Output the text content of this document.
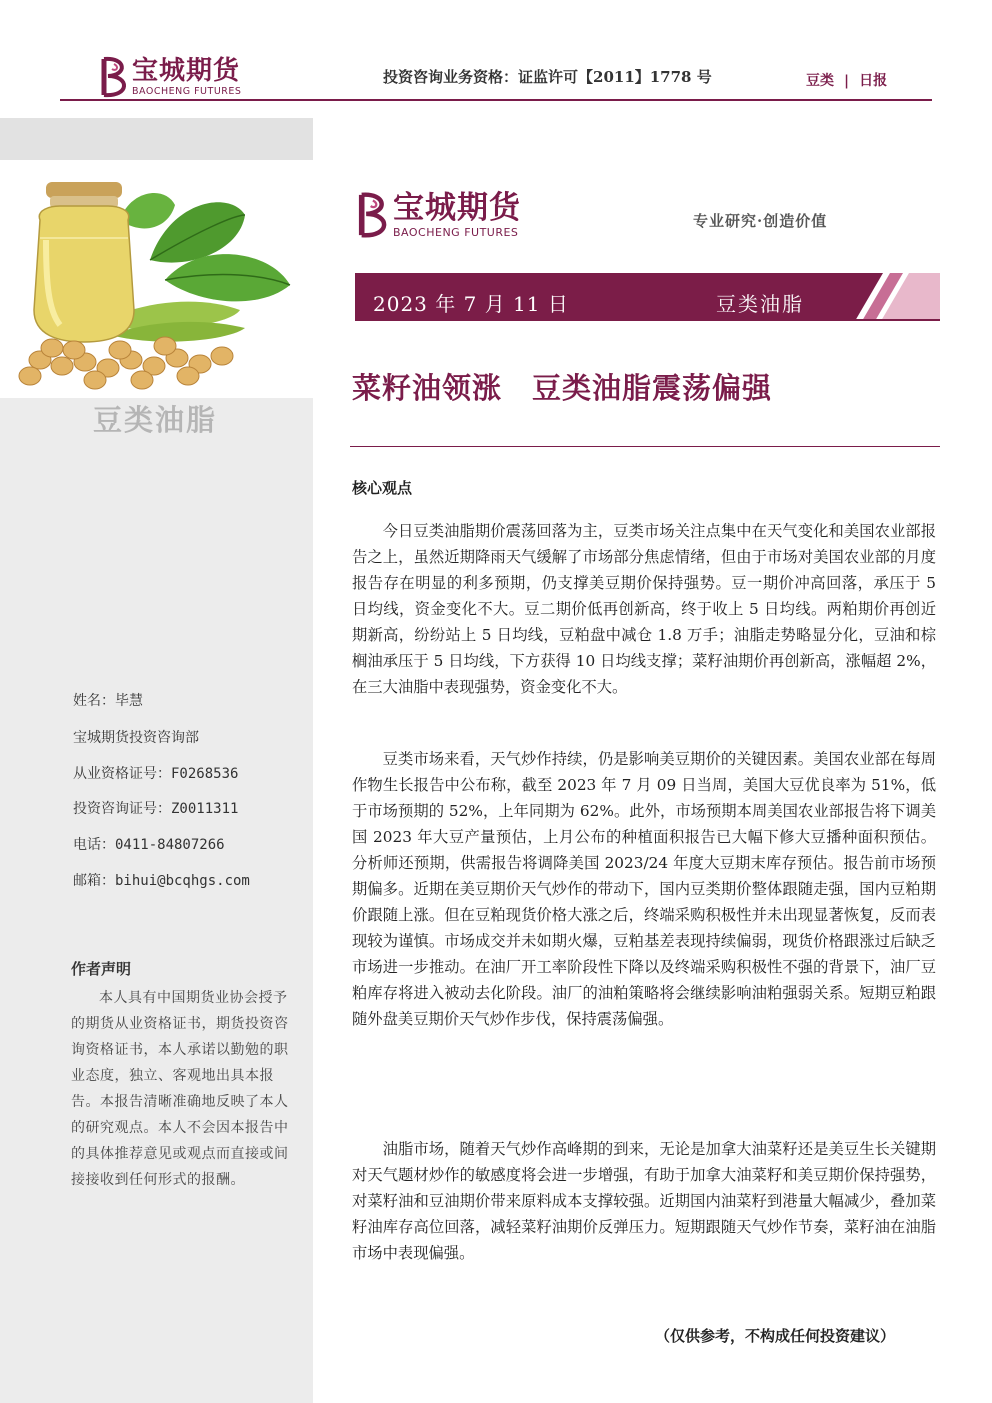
宝城期货
BAOCHENG FUTURES
投资咨询业务资格：证监许可【2011】1778 号	豆类 | 日报
豆类油脂
姓名：毕慧
宝城期货投资咨询部
从业资格证号：F0268536
投资咨询证号：Z0011311
电话：0411-84807266
邮箱：bihui@bcqhgs.com
作者声明
本人具有中国期货业协会授予的期货从业资格证书，期货投资咨询资格证书，本人承诺以勤勉的职业态度，独立、客观地出具本报告。本报告清晰准确地反映了本人的研究观点。本人不会因本报告中的具体推荐意见或观点而直接或间接接收到任何形式的报酬。
宝城期货
BAOCHENG FUTURES
专业研究·创造价值
2023 年 7 月 11 日	豆类油脂
菜籽油领涨　豆类油脂震荡偏强
核心观点

今日豆类油脂期价震荡回落为主，豆类市场关注点集中在天气变化和美国农业部报告之上，虽然近期降雨天气缓解了市场部分焦虑情绪，但由于市场对美国农业部的月度报告存在明显的利多预期，仍支撑美豆期价保持强势。豆一期价冲高回落，承压于 5 日均线，资金变化不大。豆二期价低再创新高，终于收上 5 日均线。两粕期价再创近期新高，纷纷站上 5 日均线，豆粕盘中减仓 1.8 万手；油脂走势略显分化，豆油和棕榈油承压于 5 日均线，下方获得 10 日均线支撑；菜籽油期价再创新高，涨幅超 2%，在三大油脂中表现强势，资金变化不大。

豆类市场来看，天气炒作持续，仍是影响美豆期价的关键因素。美国农业部在每周作物生长报告中公布称，截至 2023 年 7 月 09 日当周，美国大豆优良率为 51%，低于市场预期的 52%，上年同期为 62%。此外，市场预期本周美国农业部报告将下调美国 2023 年大豆产量预估，上月公布的种植面积报告已大幅下修大豆播种面积预估。分析师还预期，供需报告将调降美国 2023/24 年度大豆期末库存预估。报告前市场预期偏多。近期在美豆期价天气炒作的带动下，国内豆类期价整体跟随走强，国内豆粕期价跟随上涨。但在豆粕现货价格大涨之后，终端采购积极性并未出现显著恢复，反而表现较为谨慎。市场成交并未如期火爆，豆粕基差表现持续偏弱，现货价格跟涨过后缺乏市场进一步推动。在油厂开工率阶段性下降以及终端采购积极性不强的背景下，油厂豆粕库存将进入被动去化阶段。油厂的油粕策略将会继续影响油粕强弱关系。短期豆粕跟随外盘美豆期价天气炒作步伐，保持震荡偏强。

油脂市场，随着天气炒作高峰期的到来，无论是加拿大油菜籽还是美豆生长关键期对天气题材炒作的敏感度将会进一步增强，有助于加拿大油菜籽和美豆期价保持强势，对菜籽油和豆油期价带来原料成本支撑较强。近期国内油菜籽到港量大幅减少，叠加菜籽油库存高位回落，减轻菜籽油期价反弹压力。短期跟随天气炒作节奏，菜籽油在油脂市场中表现偏强。

（仅供参考，不构成任何投资建议）
